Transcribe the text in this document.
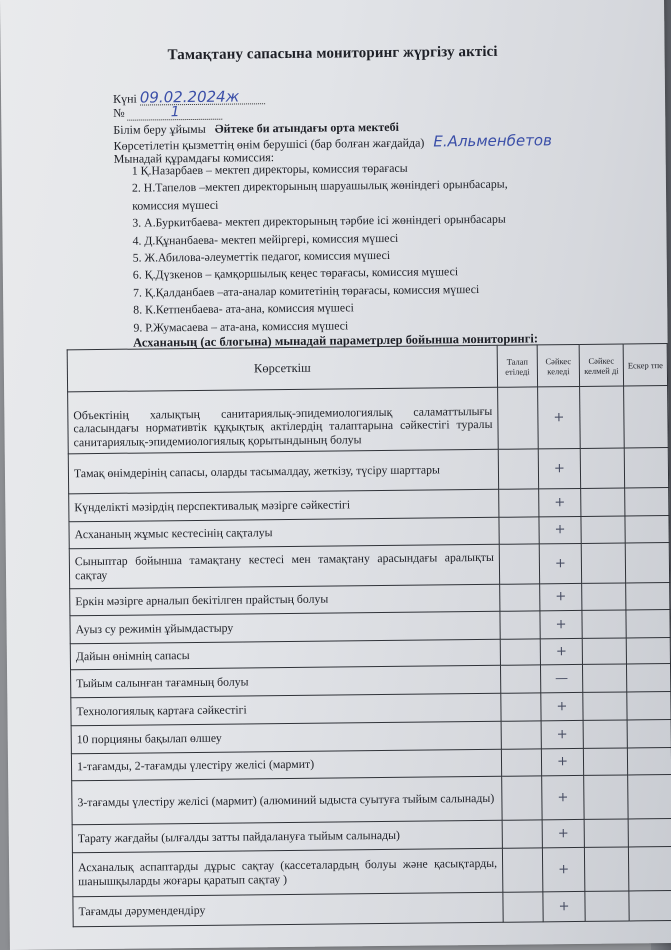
Тамақтану сапасына мониторинг жүргізу актісі
Күні 09.02.2024ж
№	1
Білім беру ұйымы Әйтеке би атындағы орта мектебі
Көрсетілетін қызметтің өнім берушісі (бар болған жағдайда) Е.Альменбетов
Мынадай құрамдағы комиссия:
1 Қ.Назарбаев – мектеп директоры, комиссия төрағасы
2. Н.Тапелов –мектеп директорының шаруашылық жөніндегі орынбасары,
комиссия мүшесі
3. А.Буркитбаева- мектеп директорының тәрбие ісі жөніндегі орынбасары
4. Д.Құнанбаева- мектеп мейіргері, комиссия мүшесі
5. Ж.Абилова-әлеуметтік педагог, комиссия мүшесі
6. Қ.Дүзкенов – қамқоршылық кеңес төрағасы, комиссия мүшесі
7. Қ.Қалданбаев –ата-аналар комитетінің төрағасы, комиссия мүшесі
8. К.Кетпенбаева- ата-ана, комиссия мүшесі
9. Р.Жумасаева – ата-ана, комиссия мүшесі
Асхананың (ас блогына) мынадай параметрлер бойынша мониторингі:
Көрсеткіш	Талап етіледі	Сәйкес келеді	Сәйкес келмей ді	Ескер тпе
Объектінің халықтың санитариялық-эпидемиологиялық саламаттылығы саласындағы нормативтік құқықтық актілердің талаптарына сәйкестігі туралы санитариялық-эпидемиологиялық қорытындының болуы		+		
Тамақ өнімдерінің сапасы, оларды тасымалдау, жеткізу, түсіру шарттары		+		
Күнделікті мәзірдің перспективалық мәзірге сәйкестігі		+		
Асхананың жұмыс кестесінің сақталуы		+		
Сыныптар бойынша тамақтану кестесі мен тамақтану арасындағы аралықты сақтау		+		
Еркін мәзірге арналып бекітілген прайстың болуы		+		
Ауыз су режимін ұйымдастыру		+		
Дайын өнімнің сапасы		+		
Тыйым салынған тағамның болуы		—		
Технологиялық картаға сәйкестігі		+		
10 порцияны бақылап өлшеу		+		
1-тағамды, 2-тағамды үлестіру желісі (мармит)		+		
3-тағамды үлестіру желісі (мармит) (алюминий ыдыста суытуға тыйым салынады)		+		
Тарату жағдайы (ылғалды затты пайдалануға тыйым салынады)		+		
Асханалық аспаптарды дұрыс сақтау (кассеталардың болуы және қасықтарды, шанышқыларды жоғары қаратып сақтау )		+		
Тағамды дәрумендендіру		+		
